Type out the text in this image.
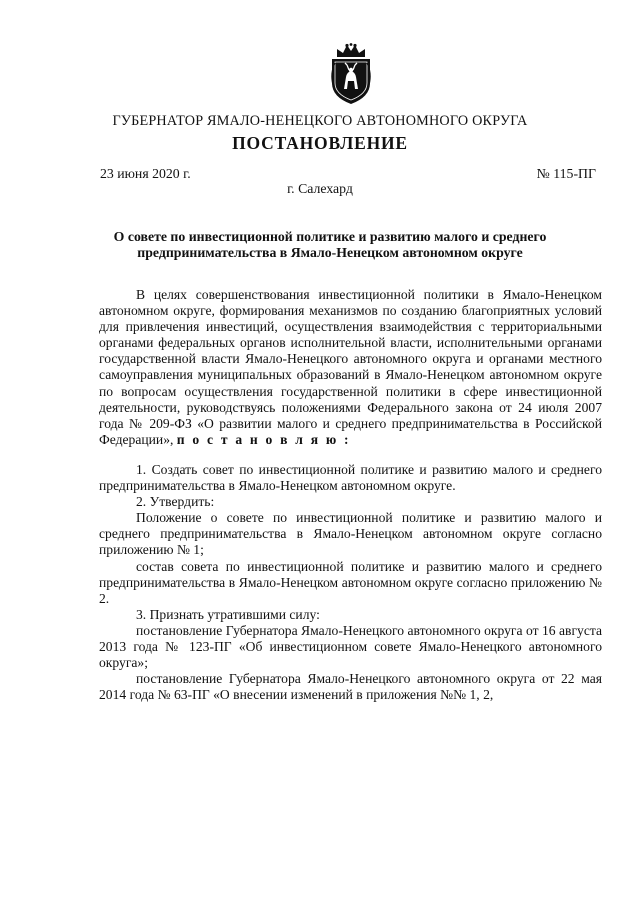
ГУБЕРНАТОР ЯМАЛО-НЕНЕЦКОГО АВТОНОМНОГО ОКРУГА
ПОСТАНОВЛЕНИЕ
23 июня 2020 г.	№ 115-ПГ
г. Салехард
О совете по инвестиционной политике и развитию малого и среднего предпринимательства в Ямало-Ненецком автономном округе

В целях совершенствования инвестиционной политики в Ямало-Ненецком автономном округе, формирования механизмов по созданию благоприятных условий для привлечения инвестиций, осуществления взаимодействия с территориальными органами федеральных органов исполнительной власти, исполнительными органами государственной власти Ямало-Ненецкого автономного округа и органами местного самоуправления муниципальных образований в Ямало-Ненецком автономном округе по вопросам осуществления государственной политики в сфере инвестиционной деятельности, руководствуясь положениями Федерального закона от 24 июля 2007 года № 209-ФЗ «О развитии малого и среднего предпринимательства в Российской Федерации», п о с т а н о в л я ю :

1. Создать совет по инвестиционной политике и развитию малого и среднего предпринимательства в Ямало-Ненецком автономном округе.

2. Утвердить:

Положение о совете по инвестиционной политике и развитию малого и среднего предпринимательства в Ямало-Ненецком автономном округе согласно приложению № 1;

состав совета по инвестиционной политике и развитию малого и среднего предпринимательства в Ямало-Ненецком автономном округе согласно приложению № 2.

3. Признать утратившими силу:

постановление Губернатора Ямало-Ненецкого автономного округа от 16 августа 2013 года № 123-ПГ «Об инвестиционном совете Ямало-Ненецкого автономного округа»;

постановление Губернатора Ямало-Ненецкого автономного округа от 22 мая 2014 года № 63-ПГ «О внесении изменений в приложения №№ 1, 2,
